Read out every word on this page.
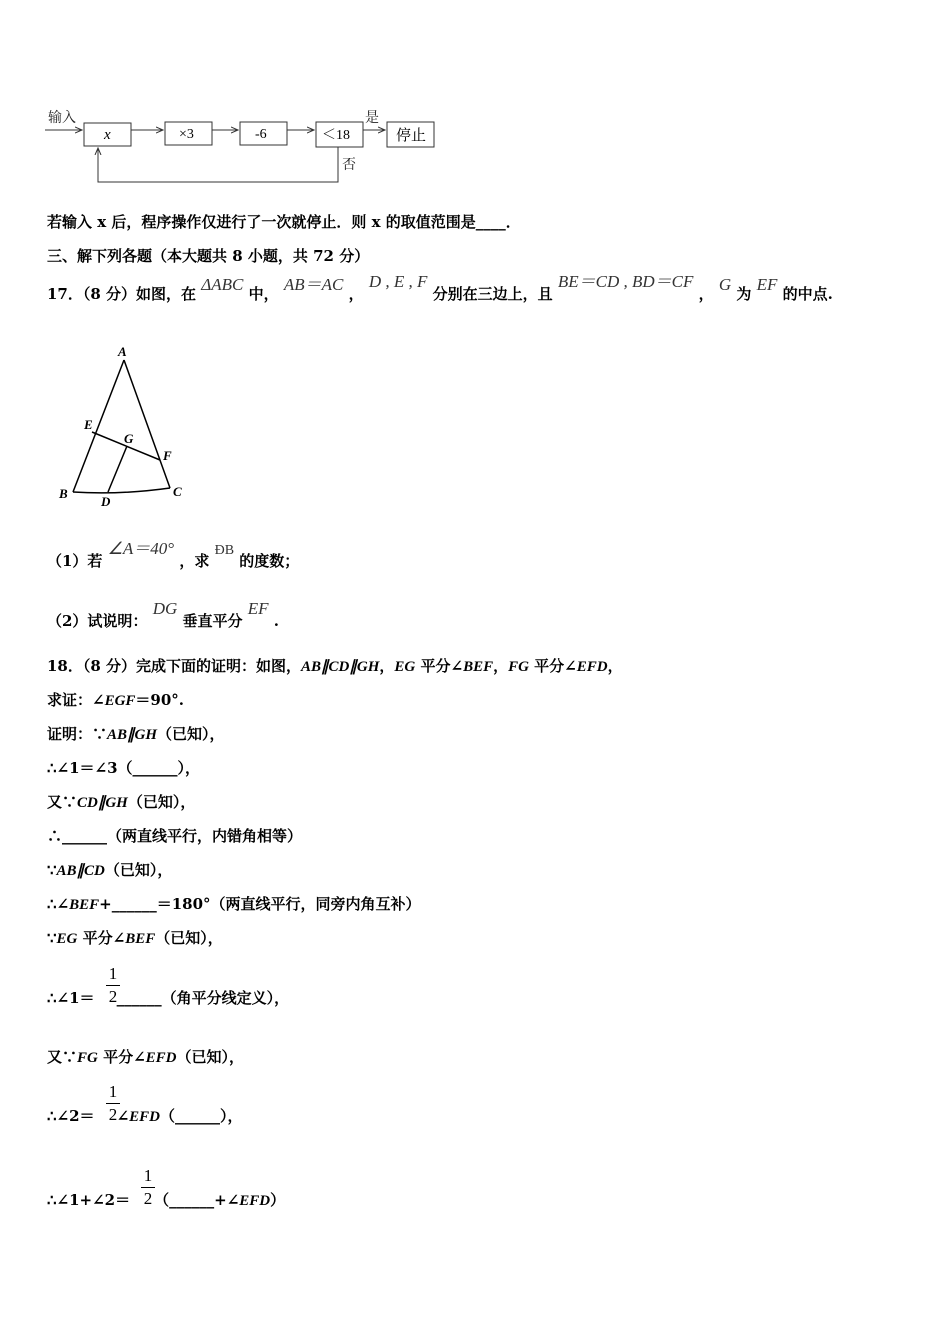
输入
x	×3	-6	＜18
是
停止
否
若输入 x 后，程序操作仅进行了一次就停止．则 x 的取值范围是____．
三、解下列各题（本大题共 8 小题，共 72 分）
17．（8 分）如图，在 ΔABC 中， AB＝AC ， D , E , F 分别在三边上，且 BE＝CD , BD＝CF ， G 为 EF 的中点.
A
E
G
F
B
D
C
（1）若 ∠A＝40° ，求 ÐB 的度数；
（2）试说明： DG 垂直平分 EF .
18．（8 分）完成下面的证明：如图，AB∥CD∥GH，EG 平分∠BEF，FG 平分∠EFD，
求证：∠EGF＝90°.
证明：∵AB∥GH（已知），
∴∠1＝∠3（______），
又∵CD∥GH（已知），
∴______（两直线平行，内错角相等）
∵AB∥CD（已知），
∴∠BEF+______＝180°（两直线平行，同旁内角互补）
∵EG 平分∠BEF（已知），
∴∠1＝ ______（角平分线定义），
1
2
又∵FG 平分∠EFD（已知），
∴∠2＝ ∠EFD（______），
1
2
∴∠1+∠2＝ （______+∠EFD）
1
2
